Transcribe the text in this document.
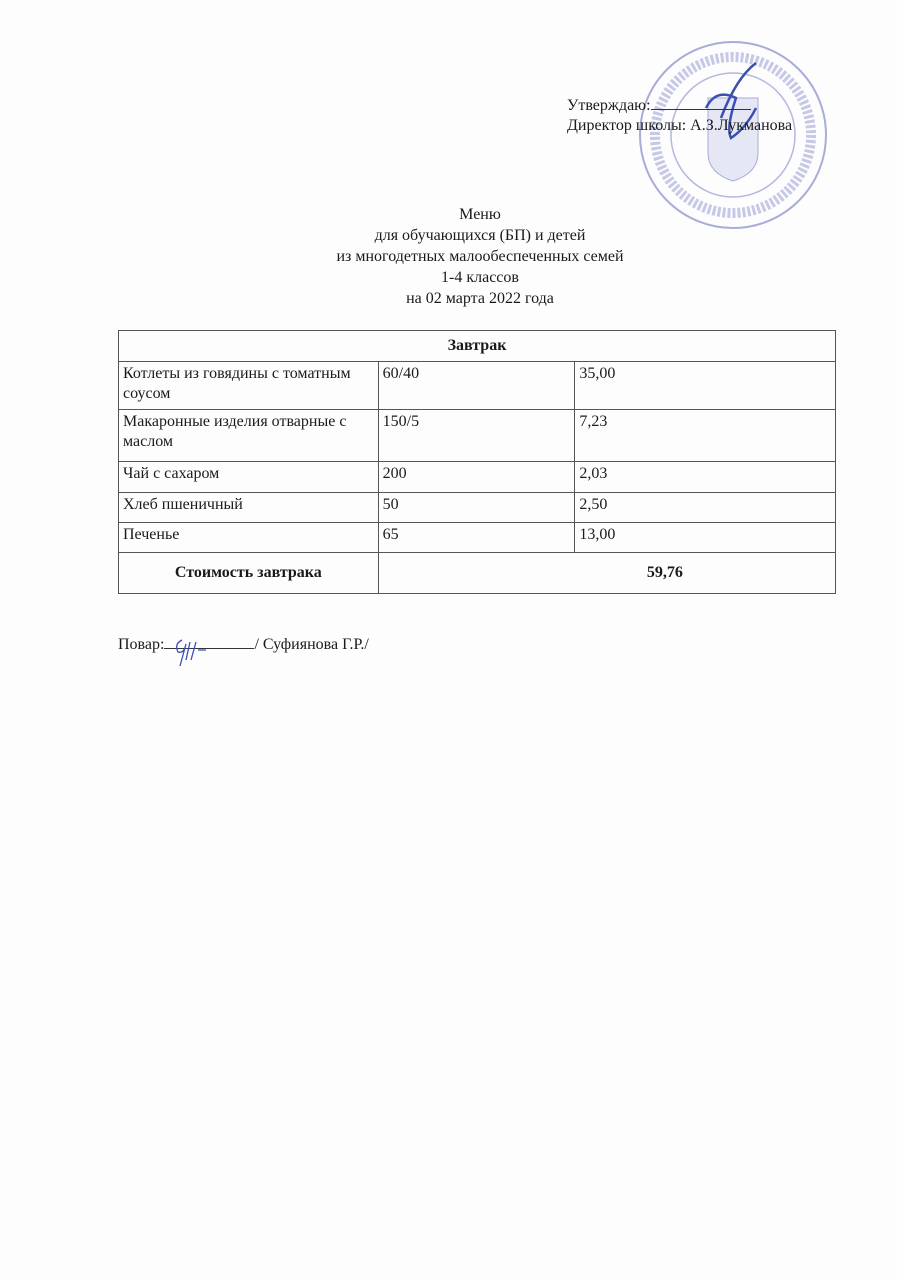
Утверждаю:
Директор школы: А.З.Лукманова
Меню
для обучающихся (БП) и детей
из многодетных малообеспеченных семей
1-4 классов
на 02 марта 2022 года
Завтрак		
Котлеты из говядины с томатным соусом	60/40	35,00
Макаронные изделия отварные с маслом	150/5	7,23
Чай с сахаром	200	2,03
Хлеб пшеничный	50	2,50
Печенье	65	13,00
Стоимость завтрака	59,76	
Повар:	/ Суфиянова Г.Р./
